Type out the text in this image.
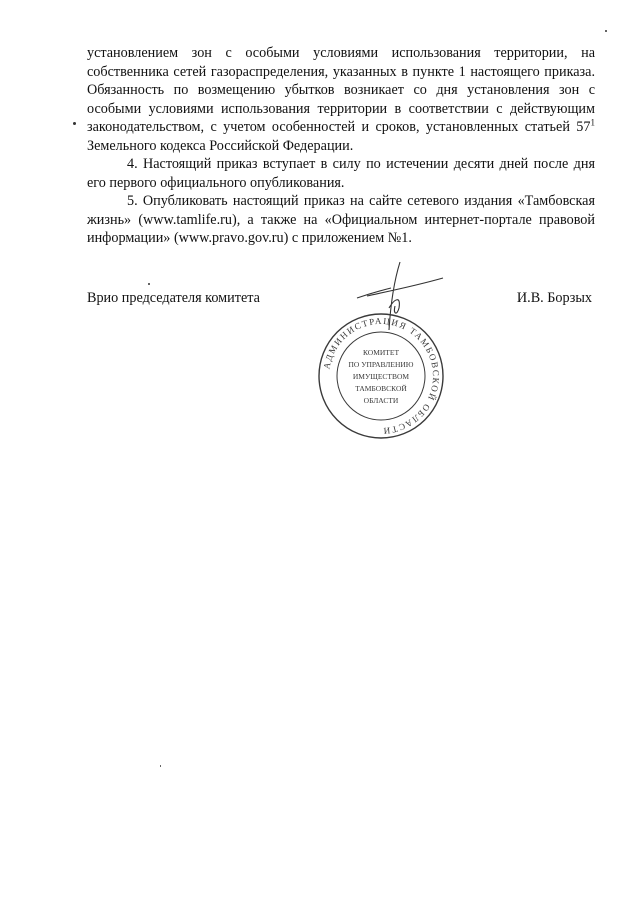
установлением зон с особыми условиями использования территории, на собственника сетей газораспределения, указанных в пункте 1 настоящего приказа. Обязанность по возмещению убытков возникает со дня установления зон с особыми условиями использования территории в соответствии с действующим законодательством, с учетом особенностей и сроков, установленных статьей $57^1$ Земельного кодекса Российской Федерации.

4. Настоящий приказ вступает в силу по истечении десяти дней после дня его первого официального опубликования.

5. Опубликовать настоящий приказ на сайте сетевого издания «Тамбовская жизнь» (www.tamlife.ru), а также на «Официальном интернет-портале правовой информации» (www.pravo.gov.ru) с приложением №1.

Врио председателя комитета	И.В. Борзых
АДМИНИСТРАЦИЯ ТАМБОВСКОЙ ОБЛАСТИ
КОМИТЕТ
ПО УПРАВЛЕНИЮ
ИМУЩЕСТВОМ
ТАМБОВСКОЙ
ОБЛАСТИ
